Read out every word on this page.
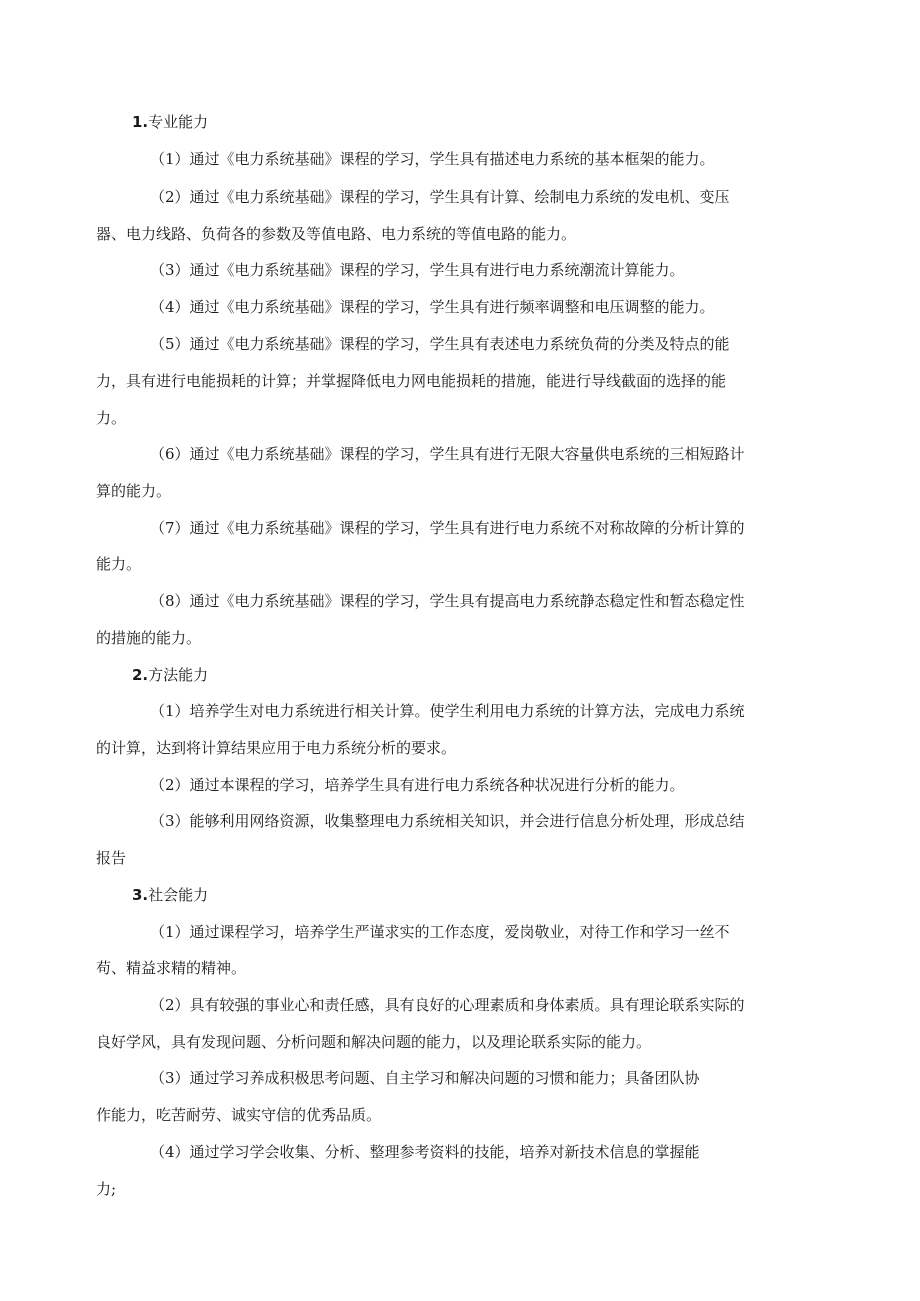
1.专业能力

（1）通过《电力系统基础》课程的学习，学生具有描述电力系统的基本框架的能力。

（2）通过《电力系统基础》课程的学习，学生具有计算、绘制电力系统的发电机、变压

器、电力线路、负荷各的参数及等值电路、电力系统的等值电路的能力。

（3）通过《电力系统基础》课程的学习，学生具有进行电力系统潮流计算能力。

（4）通过《电力系统基础》课程的学习，学生具有进行频率调整和电压调整的能力。

（5）通过《电力系统基础》课程的学习，学生具有表述电力系统负荷的分类及特点的能

力，具有进行电能损耗的计算；并掌握降低电力网电能损耗的措施，能进行导线截面的选择的能

力。

（6）通过《电力系统基础》课程的学习，学生具有进行无限大容量供电系统的三相短路计

算的能力。

（7）通过《电力系统基础》课程的学习，学生具有进行电力系统不对称故障的分析计算的

能力。

（8）通过《电力系统基础》课程的学习，学生具有提高电力系统静态稳定性和暂态稳定性

的措施的能力。

2.方法能力

（1）培养学生对电力系统进行相关计算。使学生利用电力系统的计算方法，完成电力系统

的计算，达到将计算结果应用于电力系统分析的要求。

（2）通过本课程的学习，培养学生具有进行电力系统各种状况进行分析的能力。

（3）能够利用网络资源，收集整理电力系统相关知识，并会进行信息分析处理，形成总结

报告

3.社会能力

（1）通过课程学习，培养学生严谨求实的工作态度，爱岗敬业，对待工作和学习一丝不

苟、精益求精的精神。

（2）具有较强的事业心和责任感，具有良好的心理素质和身体素质。具有理论联系实际的

良好学风，具有发现问题、分析问题和解决问题的能力，以及理论联系实际的能力。

（3）通过学习养成积极思考问题、自主学习和解决问题的习惯和能力；具备团队协

作能力，吃苦耐劳、诚实守信的优秀品质。

（4）通过学习学会收集、分析、整理参考资料的技能，培养对新技术信息的掌握能

力;
